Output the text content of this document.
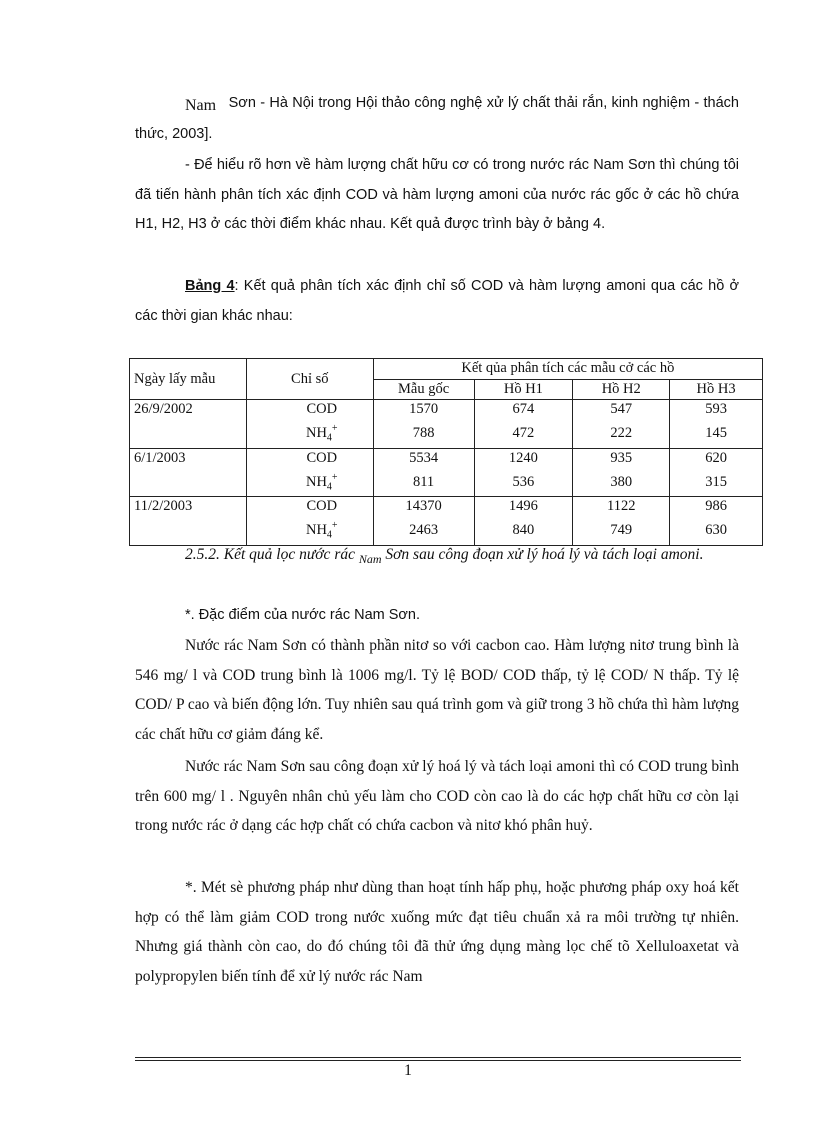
Nam Sơn - Hà Nội trong Hội thảo công nghệ xử lý chất thải rắn, kinh nghiệm - thách thức, 2003].

- Để hiểu rõ hơn về hàm lượng chất hữu cơ có trong nước rác Nam Sơn thì chúng tôi đã tiến hành phân tích xác định COD và hàm lượng amoni của nước rác gốc ở các hồ chứa H1, H2, H3 ở các thời điểm khác nhau. Kết quả được trình bày ở bảng 4.

Bảng 4: Kết quả phân tích xác định chỉ số COD và hàm lượng amoni qua các hồ ở các thời gian khác nhau:

Ngày lấy mẫu	Chỉ số	Kết qủa phân tích các mẫu cở các hồ			
		Mẫu gốc	Hồ H1	Hồ H2	Hồ H3
26/9/2002	COD	1570	674	547	593
	$NH_4^+$	788	472	222	145
6/1/2003	COD	5534	1240	935	620
	$NH_4^+$	811	536	380	315
11/2/2003	COD	14370	1496	1122	986
	$NH_4^+$	2463	840	749	630

2.5.2. Kết quả lọc nước rác $_{Nam}$ Sơn sau công đoạn xử lý hoá lý và tách loại amoni.

*. Đặc điểm của nước rác Nam Sơn.

Nước rác Nam Sơn có thành phần nitơ so với cacbon cao. Hàm lượng nitơ trung bình là 546 mg/ l và COD trung bình là 1006 mg/l. Tỷ lệ BOD/ COD thấp, tỷ lệ COD/ N thấp. Tỷ lệ COD/ P cao và biến động lớn. Tuy nhiên sau quá trình gom và giữ trong 3 hồ chứa thì hàm lượng các chất hữu cơ giảm đáng kể.

Nước rác Nam Sơn sau công đoạn xử lý hoá lý và tách loại amoni thì có COD trung bình trên 600 mg/ l . Nguyên nhân chủ yếu làm cho COD còn cao là do các hợp chất hữu cơ còn lại trong nước rác ở dạng các hợp chất có chứa cacbon và nitơ khó phân huỷ.

*. Mét sè phương pháp như dùng than hoạt tính hấp phụ, hoặc phương pháp oxy hoá kết hợp có thể làm giảm COD trong nước xuống mức đạt tiêu chuẩn xả ra môi trường tự nhiên. Nhưng giá thành còn cao, do đó chúng tôi đã thử ứng dụng màng lọc chế tõ Xelluloaxetat và polypropylen biến tính để xử lý nước rác Nam

1
